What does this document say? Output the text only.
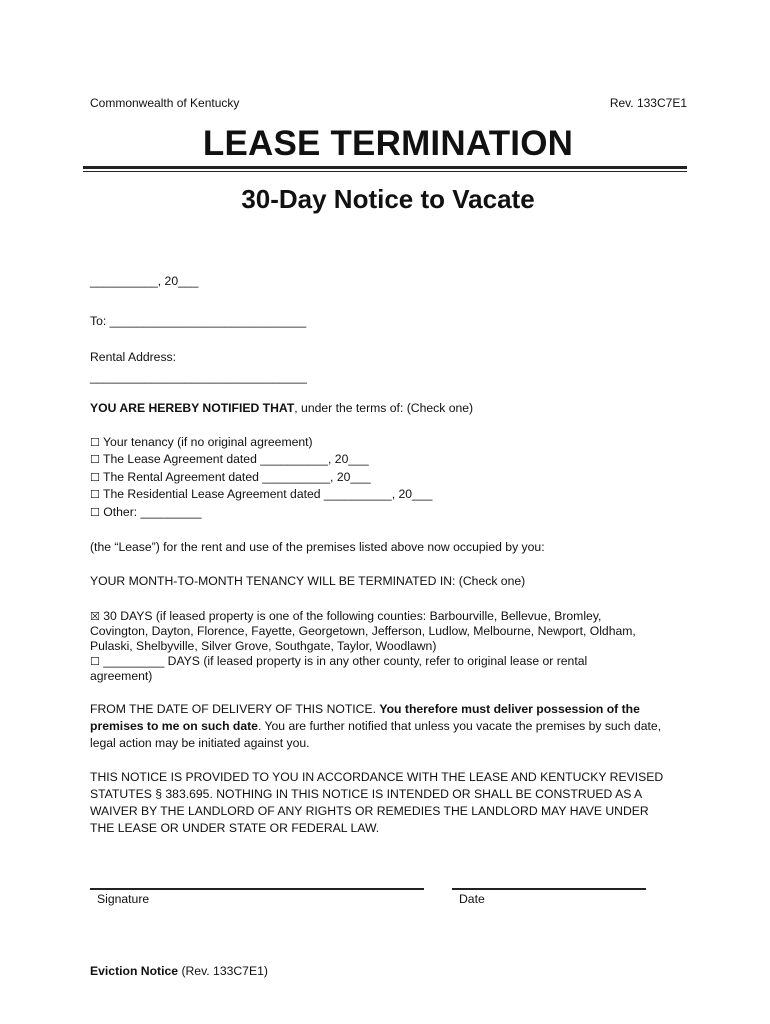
Commonwealth of Kentucky	Rev. 133C7E1
LEASE TERMINATION
30-Day Notice to Vacate
__________, 20___
To: _____________________________
Rental Address:
________________________________
YOU ARE HEREBY NOTIFIED THAT, under the terms of: (Check one)
☐ Your tenancy (if no original agreement)
☐ The Lease Agreement dated __________, 20___
☐ The Rental Agreement dated __________, 20___
☐ The Residential Lease Agreement dated __________, 20___
☐ Other: _________
(the “Lease”) for the rent and use of the premises listed above now occupied by you:
YOUR MONTH-TO-MONTH TENANCY WILL BE TERMINATED IN: (Check one)
☒ 30 DAYS (if leased property is one of the following counties: Barbourville, Bellevue, Bromley, Covington, Dayton, Florence, Fayette, Georgetown, Jefferson, Ludlow, Melbourne, Newport, Oldham, Pulaski, Shelbyville, Silver Grove, Southgate, Taylor, Woodlawn)
☐ _________ DAYS (if leased property is in any other county, refer to original lease or rental agreement)
FROM THE DATE OF DELIVERY OF THIS NOTICE. You therefore must deliver possession of the premises to me on such date. You are further notified that unless you vacate the premises by such date, legal action may be initiated against you.
THIS NOTICE IS PROVIDED TO YOU IN ACCORDANCE WITH THE LEASE AND KENTUCKY REVISED STATUTES § 383.695. NOTHING IN THIS NOTICE IS INTENDED OR SHALL BE CONSTRUED AS A WAIVER BY THE LANDLORD OF ANY RIGHTS OR REMEDIES THE LANDLORD MAY HAVE UNDER THE LEASE OR UNDER STATE OR FEDERAL LAW.
Signature	Date
Eviction Notice (Rev. 133C7E1)
